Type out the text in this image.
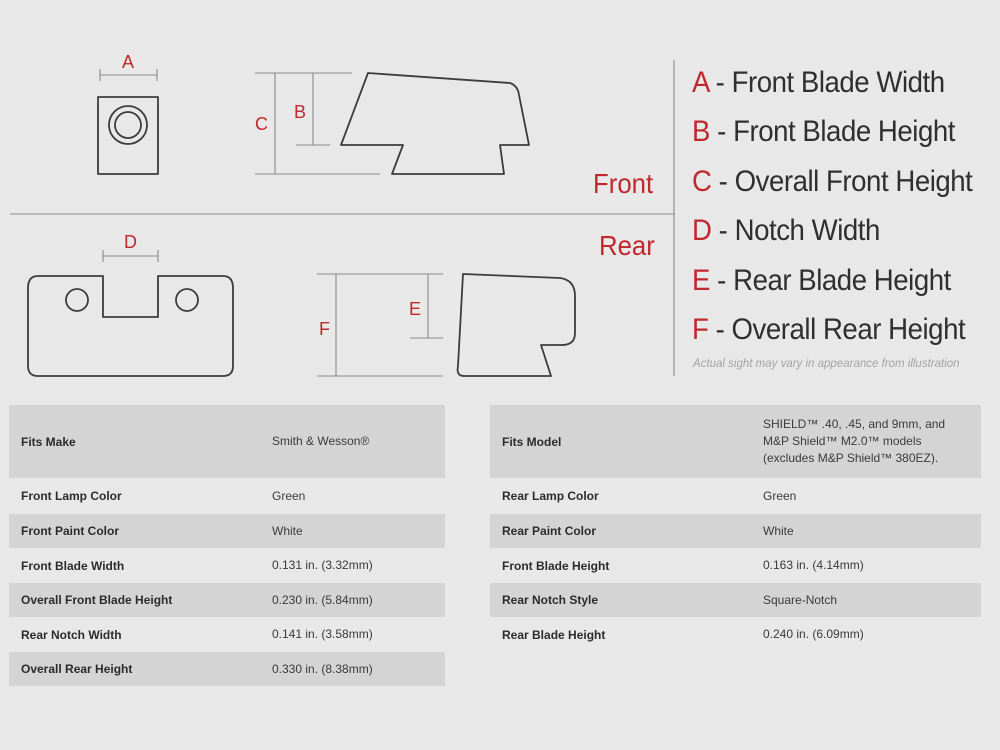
A
C
B
D
F
E
Front
Rear
A - Front Blade Width
B - Front Blade Height
C - Overall Front Height
D - Notch Width
E - Rear Blade Height
F - Overall Rear Height
Actual sight may vary in appearance from illustration
Fits Make	Smith & Wesson®
Front Lamp Color	Green
Front Paint Color	White
Front Blade Width	0.131 in. (3.32mm)
Overall Front Blade Height	0.230 in. (5.84mm)
Rear Notch Width	0.141 in. (3.58mm)
Overall Rear Height	0.330 in. (8.38mm)
Fits Model	SHIELD™ .40, .45, and 9mm, and M&P Shield™ M2.0™ models (excludes M&P Shield™ 380EZ).
Rear Lamp Color	Green
Rear Paint Color	White
Front Blade Height	0.163 in. (4.14mm)
Rear Notch Style	Square-Notch
Rear Blade Height	0.240 in. (6.09mm)
